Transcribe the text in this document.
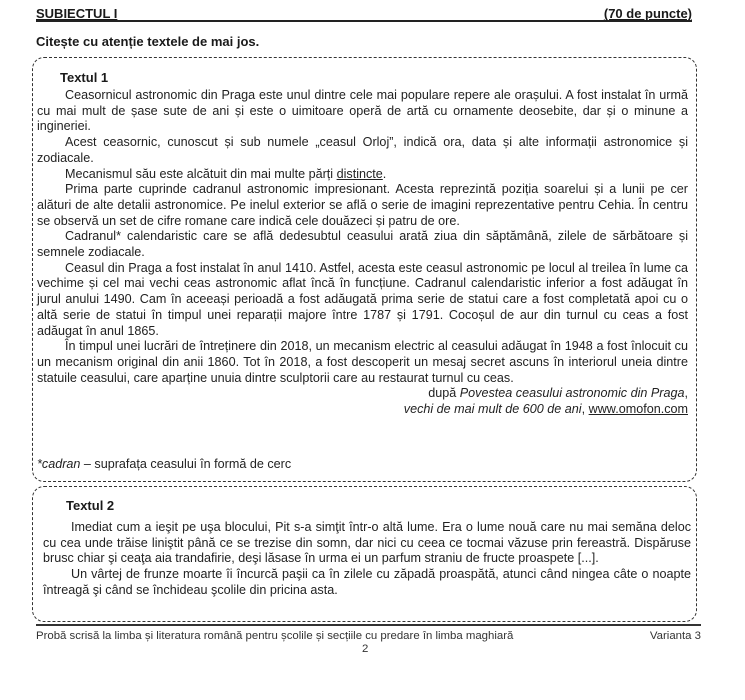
SUBIECTUL I	(70 de puncte)
Citește cu atenție textele de mai jos.
Textul 1

Ceasornicul astronomic din Praga este unul dintre cele mai populare repere ale orașului. A fost instalat în urmă cu mai mult de șase sute de ani și este o uimitoare operă de artă cu ornamente deosebite, dar și o minune a ingineriei.

Acest ceasornic, cunoscut și sub numele „ceasul Orloj”, indică ora, data și alte informații astronomice și zodiacale.

Mecanismul său este alcătuit din mai multe părți distincte.

Prima parte cuprinde cadranul astronomic impresionant. Acesta reprezintă poziția soarelui și a lunii pe cer alături de alte detalii astronomice. Pe inelul exterior se află o serie de imagini reprezentative pentru Cehia. În centru se observă un set de cifre romane care indică cele douăzeci și patru de ore.

Cadranul* calendaristic care se află dedesubtul ceasului arată ziua din săptămână, zilele de sărbătoare și semnele zodiacale.

Ceasul din Praga a fost instalat în anul 1410. Astfel, acesta este ceasul astronomic pe locul al treilea în lume ca vechime și cel mai vechi ceas astronomic aflat încă în funcțiune. Cadranul calendaristic inferior a fost adăugat în jurul anului 1490. Cam în aceeași perioadă a fost adăugată prima serie de statui care a fost completată apoi cu o altă serie de statui în timpul unei reparații majore între 1787 și 1791. Cocoșul de aur din turnul cu ceas a fost adăugat în anul 1865.

În timpul unei lucrări de întreținere din 2018, un mecanism electric al ceasului adăugat în 1948 a fost înlocuit cu un mecanism original din anii 1860. Tot în 2018, a fost descoperit un mesaj secret ascuns în interiorul uneia dintre statuile ceasului, care aparține unuia dintre sculptorii care au restaurat turnul cu ceas.

după Povestea ceasului astronomic din Praga,
vechi de mai mult de 600 de ani, www.omofon.com
*cadran – suprafața ceasului în formă de cerc
Textul 2

Imediat cum a ieşit pe uşa blocului, Pit s-a simţit într-o altă lume. Era o lume nouă care nu mai semăna deloc cu cea unde trăise liniştit până ce se trezise din somn, dar nici cu ceea ce tocmai văzuse prin fereastră. Dispăruse brusc chiar şi ceaţa aia trandafirie, deşi lăsase în urma ei un parfum straniu de fructe proaspete [...].

Un vârtej de frunze moarte îi încurcă paşii ca în zilele cu zăpadă proaspătă, atunci când ningea câte o noapte întreagă şi când se închideau şcolile din pricina asta.

Probă scrisă la limba și literatura română pentru școlile și secțiile cu predare în limba maghiară	Varianta 3
2
